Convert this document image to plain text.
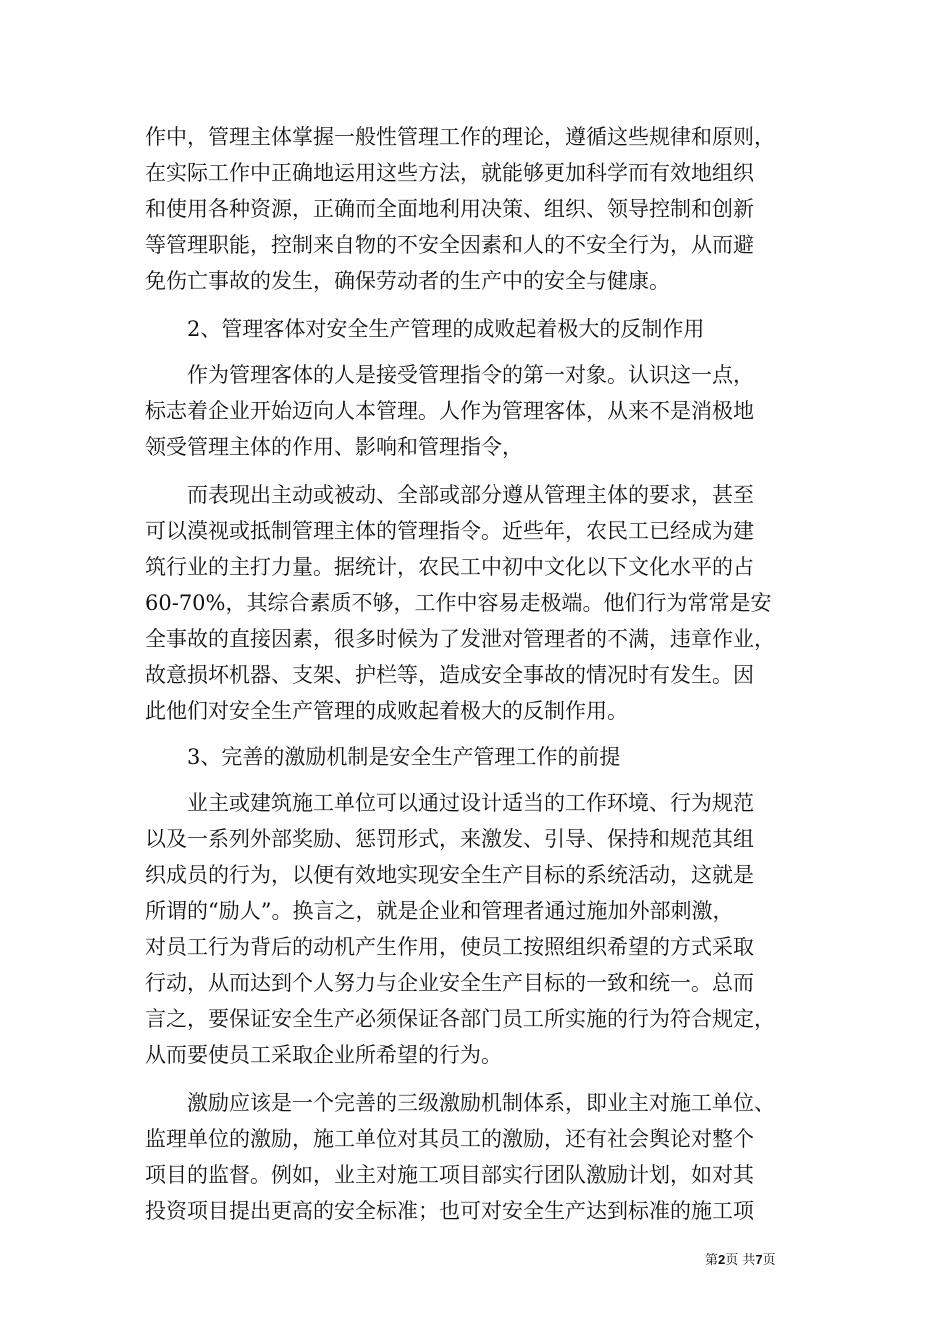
作中，管理主体掌握一般性管理工作的理论，遵循这些规律和原则，

在实际工作中正确地运用这些方法，就能够更加科学而有效地组织

和使用各种资源，正确而全面地利用决策、组织、领导控制和创新

等管理职能，控制来自物的不安全因素和人的不安全行为，从而避

免伤亡事故的发生，确保劳动者的生产中的安全与健康。

　　2、管理客体对安全生产管理的成败起着极大的反制作用

　　作为管理客体的人是接受管理指令的第一对象。认识这一点，

标志着企业开始迈向人本管理。人作为管理客体，从来不是消极地

领受管理主体的作用、影响和管理指令，

　　而表现出主动或被动、全部或部分遵从管理主体的要求，甚至

可以漠视或抵制管理主体的管理指令。近些年，农民工已经成为建

筑行业的主打力量。据统计，农民工中初中文化以下文化水平的占

60-70%，其综合素质不够，工作中容易走极端。他们行为常常是安

全事故的直接因素，很多时候为了发泄对管理者的不满，违章作业，

故意损坏机器、支架、护栏等，造成安全事故的情况时有发生。因

此他们对安全生产管理的成败起着极大的反制作用。

　　3、完善的激励机制是安全生产管理工作的前提

　　业主或建筑施工单位可以通过设计适当的工作环境、行为规范

以及一系列外部奖励、惩罚形式，来激发、引导、保持和规范其组

织成员的行为，以便有效地实现安全生产目标的系统活动，这就是

所谓的“励人”。换言之，就是企业和管理者通过施加外部刺激，

对员工行为背后的动机产生作用，使员工按照组织希望的方式采取

行动，从而达到个人努力与企业安全生产目标的一致和统一。总而

言之，要保证安全生产必须保证各部门员工所实施的行为符合规定，

从而要使员工采取企业所希望的行为。

　　激励应该是一个完善的三级激励机制体系，即业主对施工单位、

监理单位的激励，施工单位对其员工的激励，还有社会舆论对整个

项目的监督。例如，业主对施工项目部实行团队激励计划，如对其

投资项目提出更高的安全标准；也可对安全生产达到标准的施工项

第2页 共7页
